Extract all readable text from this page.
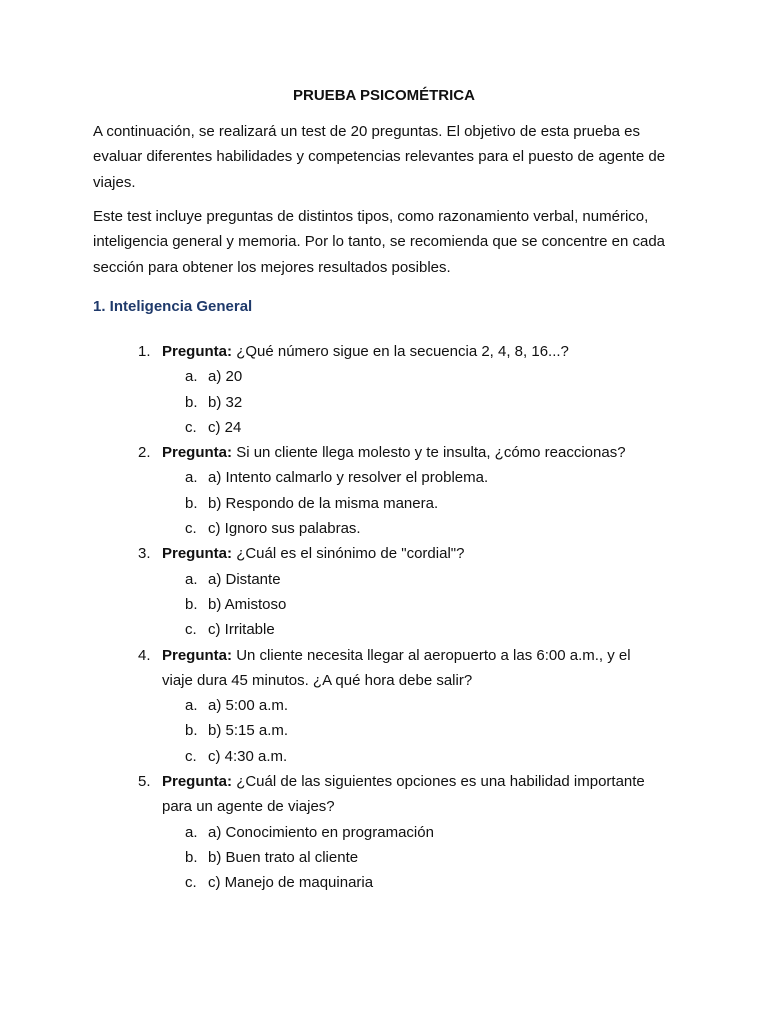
PRUEBA PSICOMÉTRICA

A continuación, se realizará un test de 20 preguntas. El objetivo de esta prueba es evaluar diferentes habilidades y competencias relevantes para el puesto de agente de viajes.

Este test incluye preguntas de distintos tipos, como razonamiento verbal, numérico, inteligencia general y memoria. Por lo tanto, se recomienda que se concentre en cada sección para obtener los mejores resultados posibles.

1. Inteligencia General
1. Pregunta: ¿Qué número sigue en la secuencia 2, 4, 8, 16...?
a. a) 20
b. b) 32
c. c) 24
2. Pregunta: Si un cliente llega molesto y te insulta, ¿cómo reaccionas?
a. a) Intento calmarlo y resolver el problema.
b. b) Respondo de la misma manera.
c. c) Ignoro sus palabras.
3. Pregunta: ¿Cuál es el sinónimo de "cordial"?
a. a) Distante
b. b) Amistoso
c. c) Irritable
4. Pregunta: Un cliente necesita llegar al aeropuerto a las 6:00 a.m., y el viaje dura 45 minutos. ¿A qué hora debe salir?
a. a) 5:00 a.m.
b. b) 5:15 a.m.
c. c) 4:30 a.m.
5. Pregunta: ¿Cuál de las siguientes opciones es una habilidad importante para un agente de viajes?
a. a) Conocimiento en programación
b. b) Buen trato al cliente
c. c) Manejo de maquinaria
